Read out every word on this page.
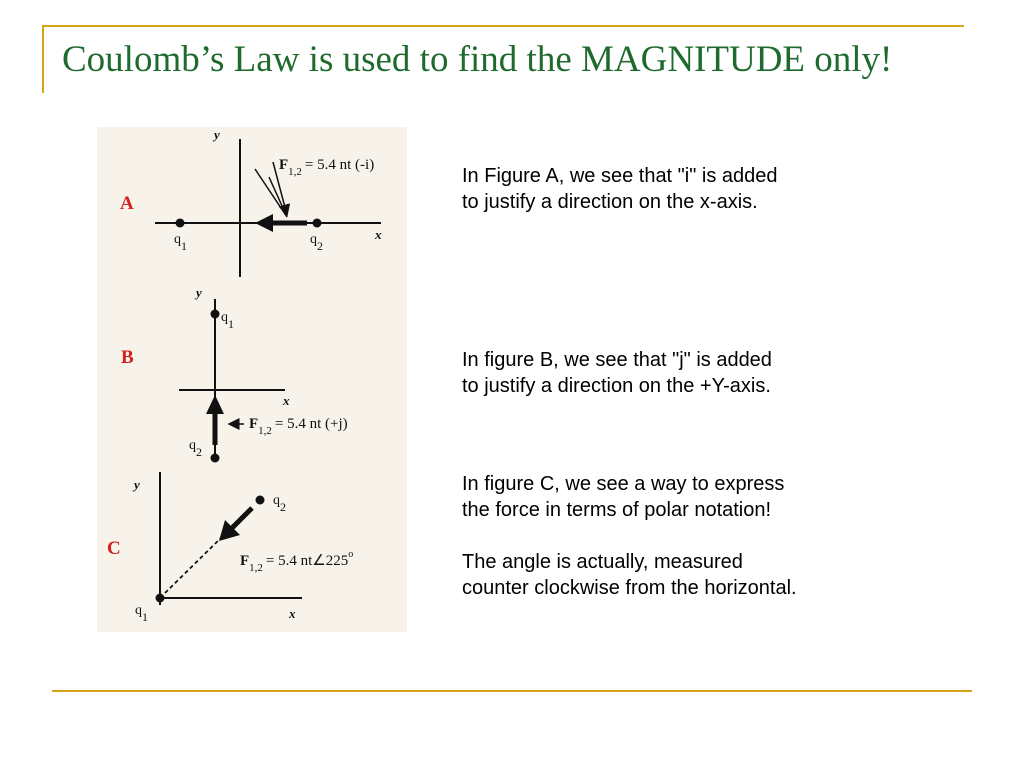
Coulomb’s Law is used to find the MAGNITUDE only!
A
y
x
$F_{1,2} = 5.4$ nt (-i)
q1	q2
B
y
x
$F_{1,2} = 5.4$ nt (+j)
q1
q2
C
y
x
$F_{1,2} = 5.4$ nt∠225$^o$
q2
q1

In Figure A, we see that "i" is added
to justify a direction on the x-axis.

In figure B, we see that "j" is added
to justify a direction on the +Y-axis.

In figure C, we see a way to express
the force in terms of polar notation!

The angle is actually, measured
counter clockwise from the horizontal.
